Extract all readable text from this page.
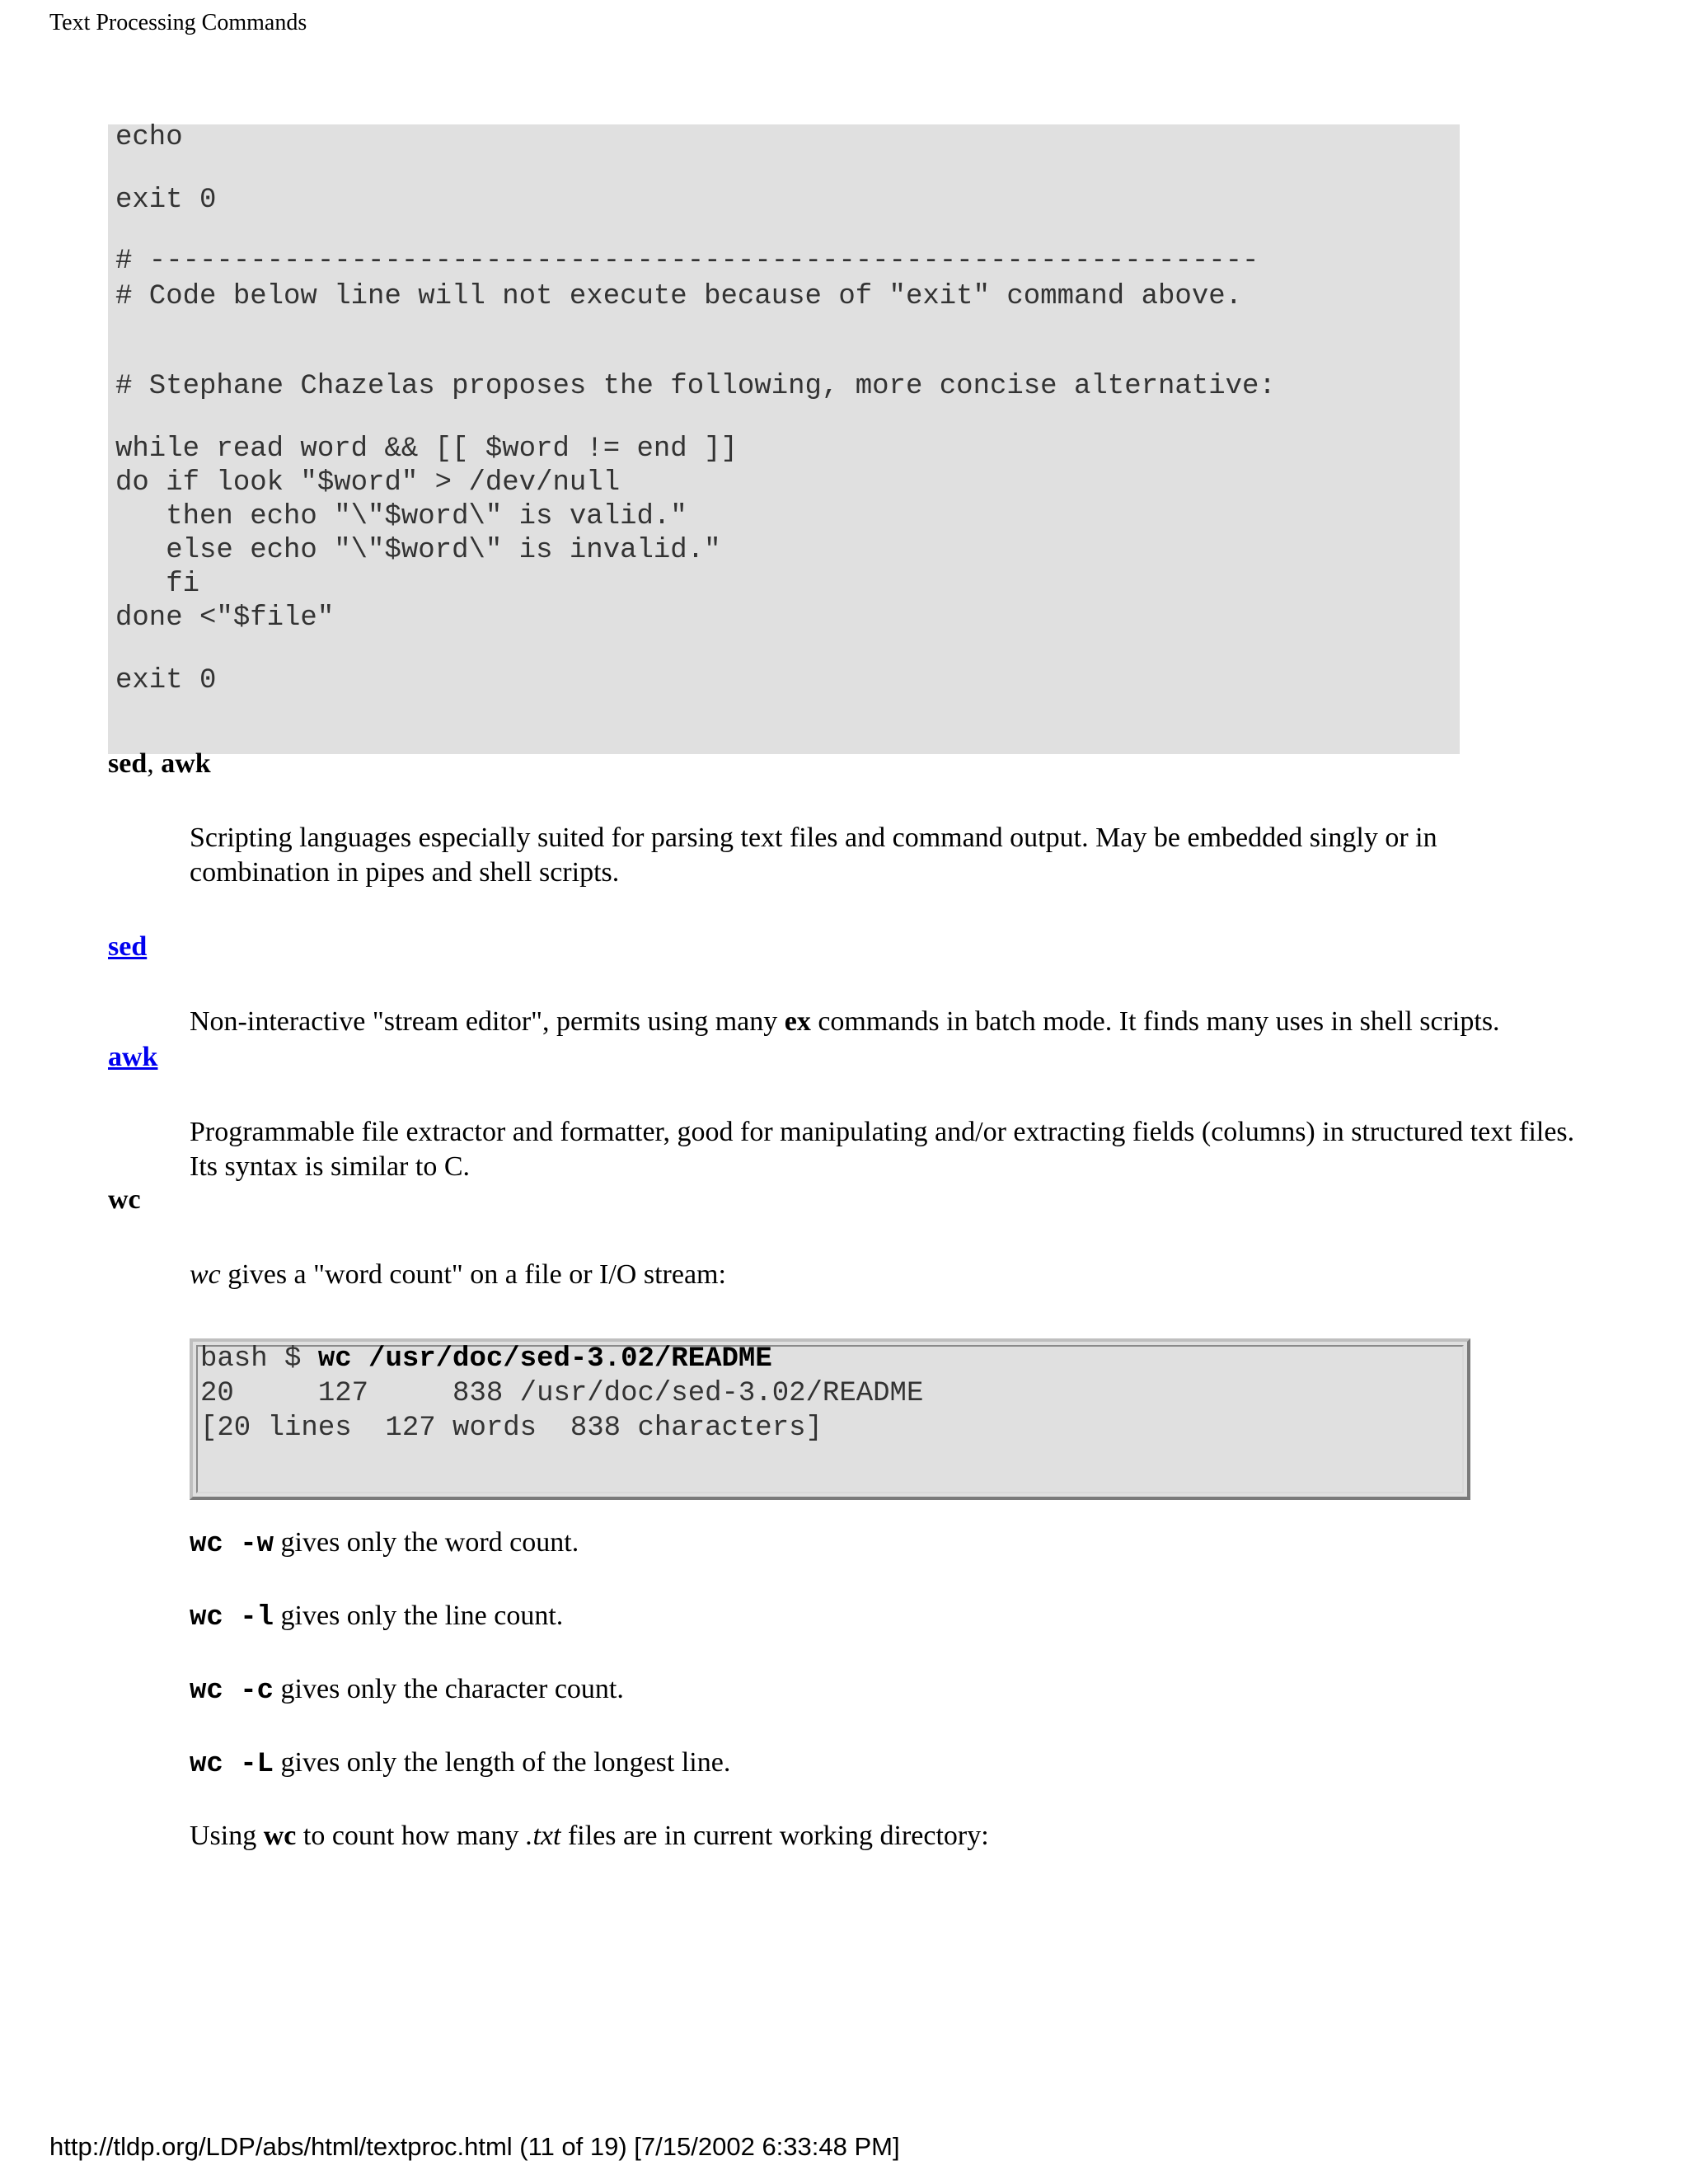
Text Processing Commands
echo
exit 0
# ------------------------------------------------------------------
# Code below line will not execute because of "exit" command above.
# Stephane Chazelas proposes the following, more concise alternative:
while read word && [[ $word != end ]]
do if look "$word" > /dev/null
then echo "\"$word\" is valid."
else echo "\"$word\" is invalid."
fi
done <"$file"
exit 0
sed, awk
Scripting languages especially suited for parsing text files and command output. May be embedded singly or in
combination in pipes and shell scripts.
sed
Non-interactive "stream editor", permits using many ex commands in batch mode. It finds many uses in shell scripts.
awk
Programmable file extractor and formatter, good for manipulating and/or extracting fields (columns) in structured text files.
Its syntax is similar to C.
wc
wc gives a "word count" on a file or I/O stream:
bash $ wc /usr/doc/sed-3.02/README
20     127     838 /usr/doc/sed-3.02/README
[20 lines  127 words  838 characters]
wc -w gives only the word count.
wc -l gives only the line count.
wc -c gives only the character count.
wc -L gives only the length of the longest line.
Using wc to count how many .txt files are in current working directory:
http://tldp.org/LDP/abs/html/textproc.html (11 of 19) [7/15/2002 6:33:48 PM]
